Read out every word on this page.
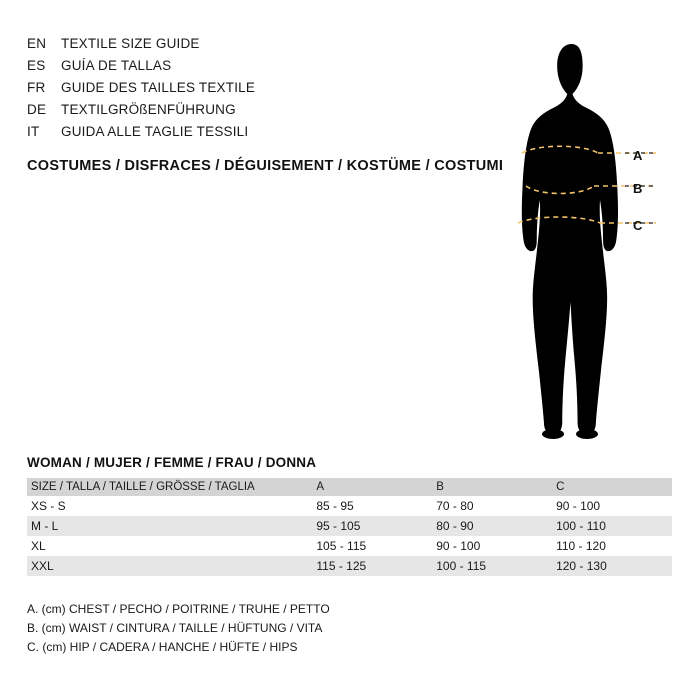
EN	TEXTILE SIZE GUIDE
ES	GUÍA DE TALLAS
FR	GUIDE DES TAILLES TEXTILE
DE	TEXTILGRÖßENFÜHRUNG
IT	GUIDA ALLE TAGLIE TESSILI
COSTUMES / DISFRACES / DÉGUISEMENT / KOSTÜME / COSTUMI
A
B
C
WOMAN / MUJER / FEMME / FRAU / DONNA
SIZE / TALLA / TAILLE / GRÖSSE / TAGLIA	A	B	C
XS - S	85 - 95	70 - 80	90 - 100
M - L	95 - 105	80 - 90	100 - 110
XL	105 - 115	90 - 100	110 - 120
XXL	115 - 125	100 - 115	120 - 130
A. (cm) CHEST / PECHO / POITRINE / TRUHE / PETTO
B. (cm) WAIST / CINTURA / TAILLE / HÜFTUNG / VITA
C. (cm) HIP / CADERA / HANCHE / HÜFTE / HIPS
